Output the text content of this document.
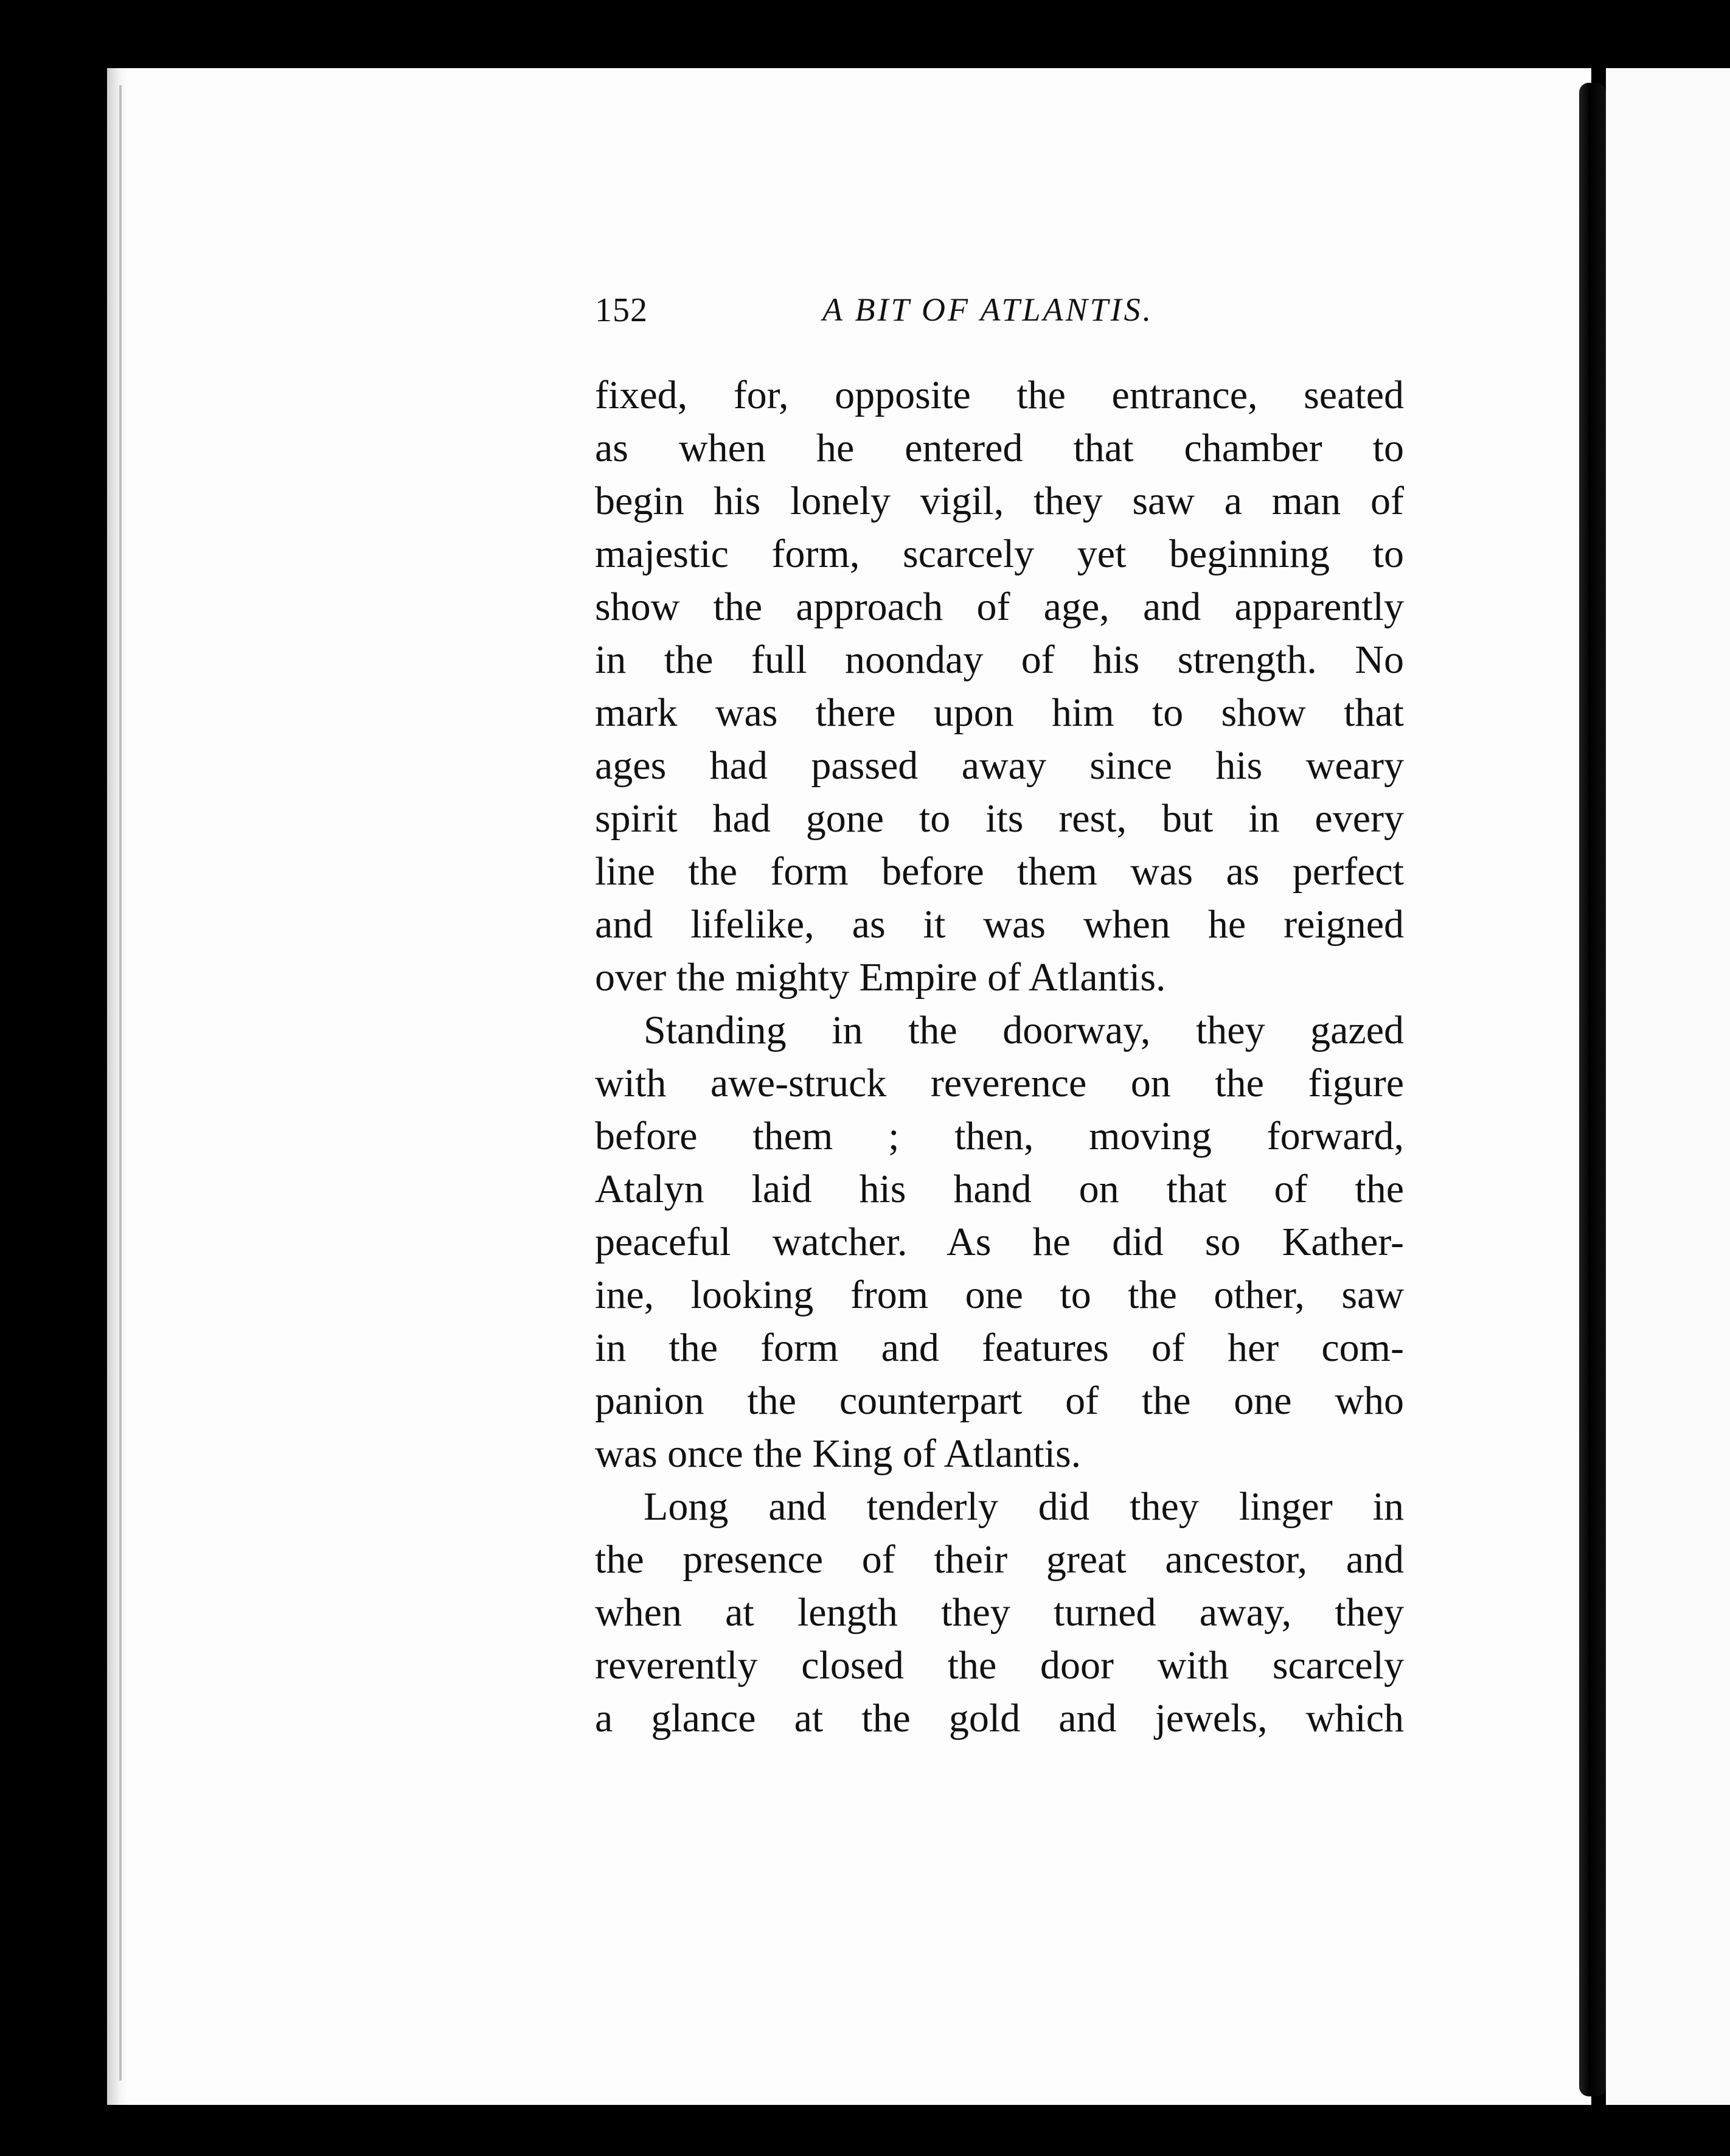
152	A BIT OF ATLANTIS.
fixed, for, opposite the entrance, seated
as when he entered that chamber to
begin his lonely vigil, they saw a man of
majestic form, scarcely yet beginning to
show the approach of age, and apparently
in the full noonday of his strength. No
mark was there upon him to show that
ages had passed away since his weary
spirit had gone to its rest, but in every
line the form before them was as perfect
and lifelike, as it was when he reigned
over the mighty Empire of Atlantis.
Standing in the doorway, they gazed
with awe-struck reverence on the figure
before them ; then, moving forward,
Atalyn laid his hand on that of the
peaceful watcher. As he did so Kather-
ine, looking from one to the other, saw
in the form and features of her com-
panion the counterpart of the one who
was once the King of Atlantis.
Long and tenderly did they linger in
the presence of their great ancestor, and
when at length they turned away, they
reverently closed the door with scarcely
a glance at the gold and jewels, which
